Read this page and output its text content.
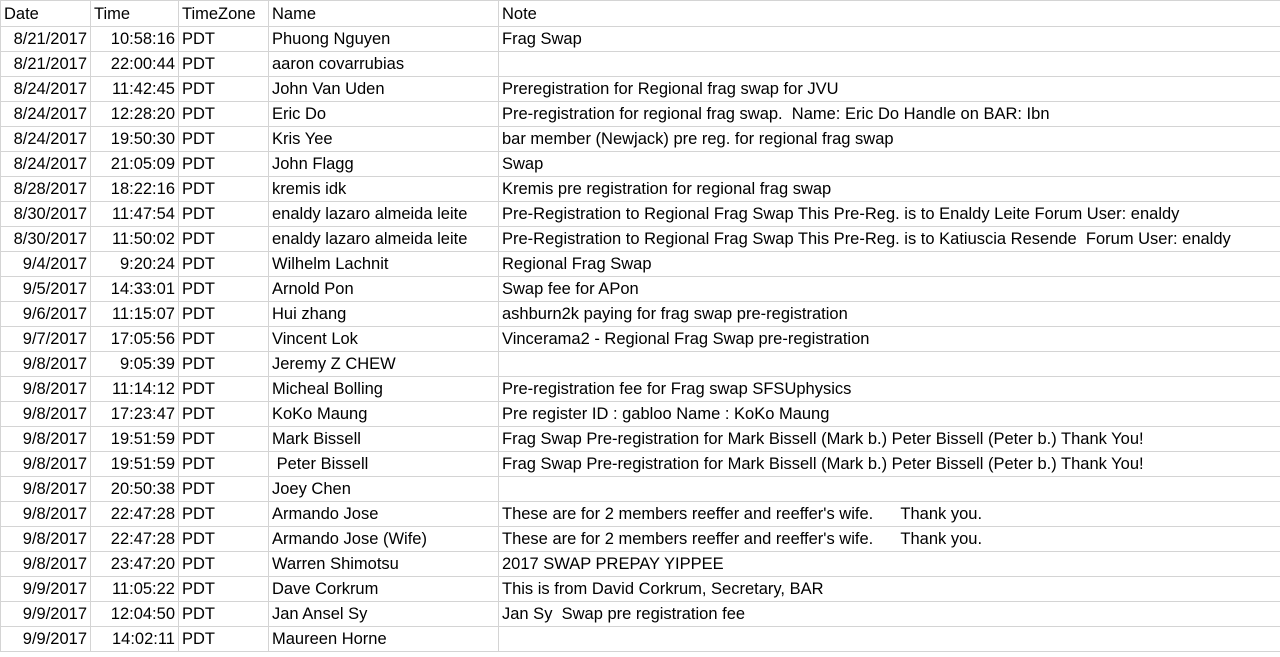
Date	Time	TimeZone	Name	Note
8/21/2017	10:58:16	PDT	Phuong Nguyen	Frag Swap
8/21/2017	22:00:44	PDT	aaron covarrubias	
8/24/2017	11:42:45	PDT	John Van Uden	Preregistration for Regional frag swap for JVU
8/24/2017	12:28:20	PDT	Eric Do	Pre-registration for regional frag swap.  Name: Eric Do Handle on BAR: Ibn
8/24/2017	19:50:30	PDT	Kris Yee	bar member (Newjack) pre reg. for regional frag swap
8/24/2017	21:05:09	PDT	John Flagg	Swap
8/28/2017	18:22:16	PDT	kremis idk	Kremis pre registration for regional frag swap
8/30/2017	11:47:54	PDT	enaldy lazaro almeida leite	Pre-Registration to Regional Frag Swap This Pre-Reg. is to Enaldy Leite Forum User: enaldy
8/30/2017	11:50:02	PDT	enaldy lazaro almeida leite	Pre-Registration to Regional Frag Swap This Pre-Reg. is to Katiuscia Resende  Forum User: enaldy
9/4/2017	9:20:24	PDT	Wilhelm Lachnit	Regional Frag Swap
9/5/2017	14:33:01	PDT	Arnold Pon	Swap fee for APon
9/6/2017	11:15:07	PDT	Hui zhang	ashburn2k paying for frag swap pre-registration
9/7/2017	17:05:56	PDT	Vincent Lok	Vincerama2 - Regional Frag Swap pre-registration
9/8/2017	9:05:39	PDT	Jeremy Z CHEW	
9/8/2017	11:14:12	PDT	Micheal Bolling	Pre-registration fee for Frag swap SFSUphysics
9/8/2017	17:23:47	PDT	KoKo Maung	Pre register ID : gabloo Name : KoKo Maung
9/8/2017	19:51:59	PDT	Mark Bissell	Frag Swap Pre-registration for Mark Bissell (Mark b.) Peter Bissell (Peter b.) Thank You!
9/8/2017	19:51:59	PDT	Peter Bissell	Frag Swap Pre-registration for Mark Bissell (Mark b.) Peter Bissell (Peter b.) Thank You!
9/8/2017	20:50:38	PDT	Joey Chen	
9/8/2017	22:47:28	PDT	Armando Jose	These are for 2 members reeffer and reeffer's wife.      Thank you.
9/8/2017	22:47:28	PDT	Armando Jose (Wife)	These are for 2 members reeffer and reeffer's wife.      Thank you.
9/8/2017	23:47:20	PDT	Warren Shimotsu	2017 SWAP PREPAY YIPPEE
9/9/2017	11:05:22	PDT	Dave Corkrum	This is from David Corkrum, Secretary, BAR
9/9/2017	12:04:50	PDT	Jan Ansel Sy	Jan Sy  Swap pre registration fee
9/9/2017	14:02:11	PDT	Maureen Horne	
